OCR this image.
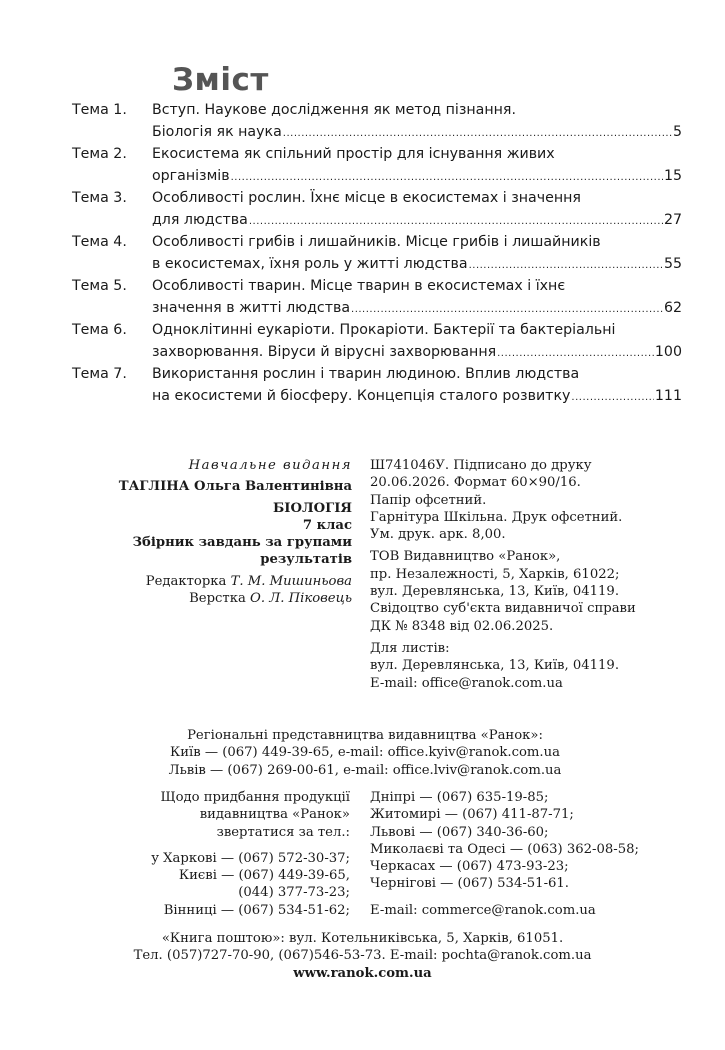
Зміст
Тема 1.	Вступ. Наукове дослідження як метод пізнання.
Біологія як наука .....	5
Тема 2.	Екосистема як спільний простір для існування живих
організмів .....	15
Тема 3.	Особливості рослин. Їхнє місце в екосистемах і значення
для людства .....	27
Тема 4.	Особливості грибів і лишайників. Місце грибів і лишайників
в екосистемах, їхня роль у житті людства .....	55
Тема 5.	Особливості тварин. Місце тварин в екосистемах і їхнє
значення в житті людства .....	62
Тема 6.	Одноклітинні еукаріоти. Прокаріоти. Бактерії та бактеріальні
захворювання. Віруси й вірусні захворювання .....	100
Тема 7.	Використання рослин і тварин людиною. Вплив людства
на екосистеми й біосферу. Концепція сталого розвитку .....	111
Навчальне видання
ТАГЛІНА Ольга Валентинівна
БІОЛОГІЯ
7 клас
Збірник завдань за групами
результатів
Редакторка Т. М. Мишиньова
Верстка О. Л. Піковець
Ш741046У. Підписано до друку
20.06.2026. Формат 60×90/16.
Папір офсетний.
Гарнітура Шкільна. Друк офсетний.
Ум. друк. арк. 8,00.
ТОВ Видавництво «Ранок»,
пр. Незалежності, 5, Харків, 61022;
вул. Деревлянська, 13, Київ, 04119.
Свідоцтво суб'єкта видавничої справи
ДК № 8348 від 02.06.2025.
Для листів:
вул. Деревлянська, 13, Київ, 04119.
E-mail: office@ranok.com.ua
Регіональні представництва видавництва «Ранок»:
Київ — (067) 449-39-65, e-mail: office.kyiv@ranok.com.ua
Львів — (067) 269-00-61, e-mail: office.lviv@ranok.com.ua
Щодо придбання продукції
видавництва «Ранок»
звертатися за тел.:
у Харкові — (067) 572-30-37;
Києві — (067) 449-39-65,
(044) 377-73-23;
Вінниці — (067) 534-51-62;
Дніпрі — (067) 635-19-85;
Житомирі — (067) 411-87-71;
Львові — (067) 340-36-60;
Миколаєві та Одесі — (063) 362-08-58;
Черкасах — (067) 473-93-23;
Чернігові — (067) 534-51-61.
E-mail: commerce@ranok.com.ua
«Книга поштою»: вул. Котельниківська, 5, Харків, 61051.
Тел. (057)727-70-90, (067)546-53-73. E-mail: pochta@ranok.com.ua
www.ranok.com.ua
